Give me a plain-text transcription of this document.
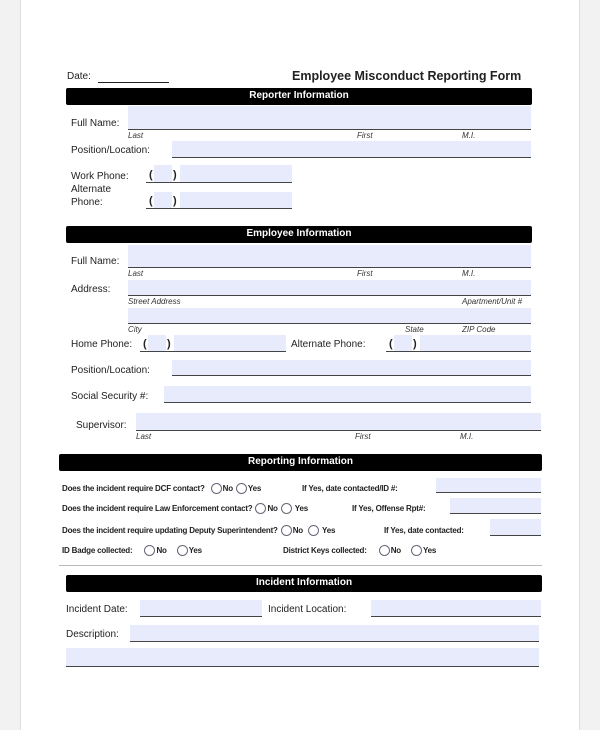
Date:	Employee Misconduct Reporting Form
Reporter Information
Full Name:
Last	First	M.I.
Position/Location:
Work Phone: ( )
Alternate
Phone:	( )
Employee Information
Full Name:
Last	First	M.I.
Address:
Street Address	Apartment/Unit #
City	State	ZIP Code
Home Phone: ( )	Alternate Phone: ( )
Position/Location:
Social Security #:
Supervisor:
Last	First	M.I.
Reporting Information
Does the incident require DCF contact? No Yes	If Yes, date contacted/ID #:
Does the incident require Law Enforcement contact? No Yes	If Yes, Offense Rpt#:
Does the incident require updating Deputy Superintendent? No Yes	If Yes, date contacted:
ID Badge collected:	No	Yes	District Keys collected:	No	Yes
Incident Information
Incident Date:	Incident Location:
Description:
